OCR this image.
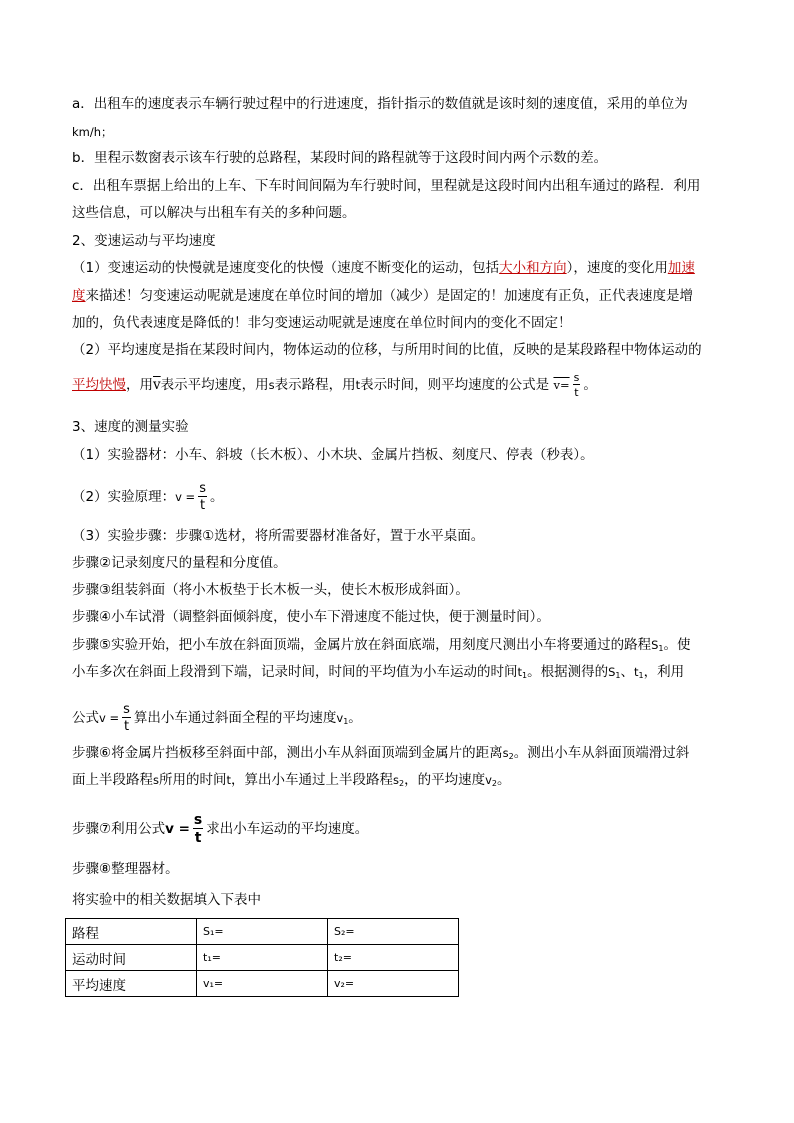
a．出租车的速度表示车辆行驶过程中的行进速度，指针指示的数值就是该时刻的速度值，采用的单位为
km/h；
b．里程示数窗表示该车行驶的总路程，某段时间的路程就等于这段时间内两个示数的差。
c．出租车票据上给出的上车、下车时间间隔为车行驶时间，里程就是这段时间内出租车通过的路程．利用
这些信息，可以解决与出租车有关的多种问题。
2、变速运动与平均速度
（1）变速运动的快慢就是速度变化的快慢（速度不断变化的运动，包括大小和方向），速度的变化用加速
度来描述！匀变速运动呢就是速度在单位时间的增加（减少）是固定的！加速度有正负，正代表速度是增
加的，负代表速度是降低的！非匀变速运动呢就是速度在单位时间内的变化不固定！
（2）平均速度是指在某段时间内，物体运动的位移，与所用时间的比值，反映的是某段路程中物体运动的
平均快慢，用$\overline{v}$表示平均速度，用s表示路程，用t表示时间，则平均速度的公式是 $v= \frac{s}{t}$ 。
3、速度的测量实验
（1）实验器材：小车、斜坡（长木板）、小木块、金属片挡板、刻度尺、停表（秒表）。
（2）实验原理：$v = \frac{s}{t}$ 。
（3）实验步骤：步骤①选材，将所需要器材准备好，置于水平桌面。
步骤②记录刻度尺的量程和分度值。
步骤③组装斜面（将小木板垫于长木板一头，使长木板形成斜面）。
步骤④小车试滑（调整斜面倾斜度，使小车下滑速度不能过快，便于测量时间）。
步骤⑤实验开始，把小车放在斜面顶端，金属片放在斜面底端，用刻度尺测出小车将要通过的路程$S_1$。使
小车多次在斜面上段滑到下端，记录时间，时间的平均值为小车运动的时间$t_1$。根据测得的$S_1$、$t_1$，利用
公式$v = \frac{s}{t}$ 算出小车通过斜面全程的平均速度$v_1$。
步骤⑥将金属片挡板移至斜面中部，测出小车从斜面顶端到金属片的距离$s_2$。测出小车从斜面顶端滑过斜
面上半段路程s所用的时间t，算出小车通过上半段路程$s_2$，的平均速度$v_2$。
步骤⑦利用公式$v = \frac{s}{t}$ 求出小车运动的平均速度。
步骤⑧整理器材。
将实验中的相关数据填入下表中
路程	S₁=	S₂=
运动时间	t₁=	t₂=
平均速度	v₁=	v₂=
